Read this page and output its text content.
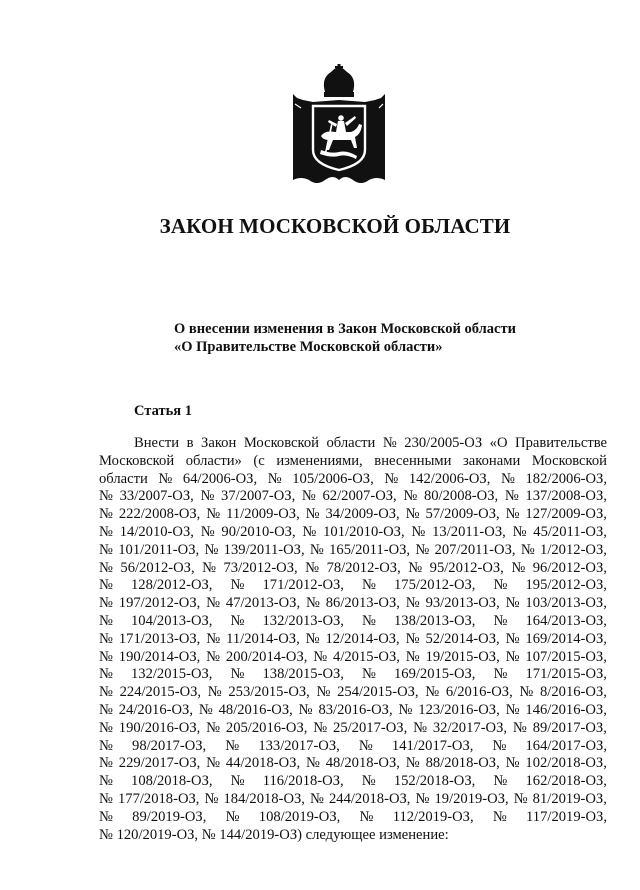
ЗАКОН МОСКОВСКОЙ ОБЛАСТИ
О внесении изменения в Закон Московской области
«О Правительстве Московской области»
Статья 1
Внести в Закон Московской области № 230/2005-ОЗ «О Правительстве
Московской области» (с изменениями, внесенными законами Московской
области № 64/2006-ОЗ, № 105/2006-ОЗ, № 142/2006-ОЗ, № 182/2006-ОЗ,
№ 33/2007-ОЗ, № 37/2007-ОЗ, № 62/2007-ОЗ, № 80/2008-ОЗ, № 137/2008-ОЗ,
№ 222/2008-ОЗ, № 11/2009-ОЗ, № 34/2009-ОЗ, № 57/2009-ОЗ, № 127/2009-ОЗ,
№ 14/2010-ОЗ, № 90/2010-ОЗ, № 101/2010-ОЗ, № 13/2011-ОЗ, № 45/2011-ОЗ,
№ 101/2011-ОЗ, № 139/2011-ОЗ, № 165/2011-ОЗ, № 207/2011-ОЗ, № 1/2012-ОЗ,
№ 56/2012-ОЗ, № 73/2012-ОЗ, № 78/2012-ОЗ, № 95/2012-ОЗ, № 96/2012-ОЗ,
№ 128/2012-ОЗ, № 171/2012-ОЗ, № 175/2012-ОЗ, № 195/2012-ОЗ,
№ 197/2012-ОЗ, № 47/2013-ОЗ, № 86/2013-ОЗ, № 93/2013-ОЗ, № 103/2013-ОЗ,
№ 104/2013-ОЗ, № 132/2013-ОЗ, № 138/2013-ОЗ, № 164/2013-ОЗ,
№ 171/2013-ОЗ, № 11/2014-ОЗ, № 12/2014-ОЗ, № 52/2014-ОЗ, № 169/2014-ОЗ,
№ 190/2014-ОЗ, № 200/2014-ОЗ, № 4/2015-ОЗ, № 19/2015-ОЗ, № 107/2015-ОЗ,
№ 132/2015-ОЗ, № 138/2015-ОЗ, № 169/2015-ОЗ, № 171/2015-ОЗ,
№ 224/2015-ОЗ, № 253/2015-ОЗ, № 254/2015-ОЗ, № 6/2016-ОЗ, № 8/2016-ОЗ,
№ 24/2016-ОЗ, № 48/2016-ОЗ, № 83/2016-ОЗ, № 123/2016-ОЗ, № 146/2016-ОЗ,
№ 190/2016-ОЗ, № 205/2016-ОЗ, № 25/2017-ОЗ, № 32/2017-ОЗ, № 89/2017-ОЗ,
№ 98/2017-ОЗ, № 133/2017-ОЗ, № 141/2017-ОЗ, № 164/2017-ОЗ,
№ 229/2017-ОЗ, № 44/2018-ОЗ, № 48/2018-ОЗ, № 88/2018-ОЗ, № 102/2018-ОЗ,
№ 108/2018-ОЗ, № 116/2018-ОЗ, № 152/2018-ОЗ, № 162/2018-ОЗ,
№ 177/2018-ОЗ, № 184/2018-ОЗ, № 244/2018-ОЗ, № 19/2019-ОЗ, № 81/2019-ОЗ,
№ 89/2019-ОЗ, № 108/2019-ОЗ, № 112/2019-ОЗ, № 117/2019-ОЗ,
№ 120/2019-ОЗ, № 144/2019-ОЗ) следующее изменение:
